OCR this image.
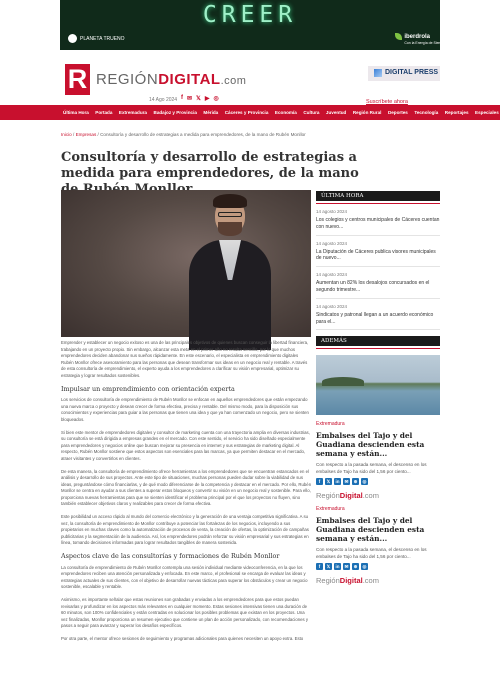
CREER
PLANETA TRUENO	iberdrola
Con la Energía de Siempre
R REGIÓNDIGITAL.com
DIGITAL PRESS
14 Ago 2024 f ✉ 𝕏 ▶ ◎	Suscríbete ahora
Última Hora Portada Extremadura Badajoz y Provincia Mérida Cáceres y Provincia Economía Cultura Juventud Región Rural Deportes Tecnología Reportajes Especiales
Inicio / Empresas / Consultoría y desarrollo de estrategias a medida para emprendedores, de la mano de Rubén Monllor
Consultoría y desarrollo de estrategias a medida para emprendedores, de la mano

Emprender y establecer un negocio exitoso es una de las principales objetivos de quienes buscan conseguir la libertad financiera, trabajando en un proyecto propio. Sin embargo, alcanzar esta meta en el primer año no resulta sencillo, por lo que muchos emprendedores deciden abandonar sus sueños rápidamente. En este escenario, el especialista en emprendimiento digitales Rubén Monllor ofrece asesoramiento para las personas que desean transformar sus ideas en un negocio real y rentable. A través de esta consultoría de emprendimiento, el experto ayuda a los emprendedores a clarificar su visión empresarial, optimizar su estrategia y lograr resultados sostenibles.

Impulsar un emprendimiento con orientación experta

Los servicios de consultoría de emprendimiento de Rubén Monllor se enfocan en aquellos emprendedores que están empezando una nueva marca o proyecto y desean crecer de forma efectiva, precisa y rentable. Del mismo modo, para la disposición sus conocimientos y experiencias para guiar a las personas que tienen una idea y que ya han comenzado un negocio, pero se sienten bloqueados.

Si bien este mentor de emprendedores digitales y consultor de marketing cuenta con una trayectoria amplia en diversas industrias, su consultoría se está dirigida a empresas grandes en el mercado. Con este sentido, el servicio ha sido diseñado especialmente para emprendedores y negocios online que buscan mejorar su presencia en internet y sus estrategias de marketing digital. Al respecto, Rubén Monllor sostiene que estos aspectos son esenciales para las marcas, ya que permiten destacar en el mercado, atraer visitantes y convertirlos en clientes.

De esta manera, la consultoría de emprendimiento ofrece herramientas a los emprendedores que se encuentran estancados en el análisis y desarrollo de sus proyectos. Ante este tipo de situaciones, muchas personas pueden dudar sobre la viabilidad de sus ideas, preguntándose cómo financiarlas, y de qué modo diferenciarse de la competencia y destacar en el mercado. Por ello, Rubén Monllor se centra en ayudar a sus clientes a superar estos bloqueos y convertir su visión en un negocio real y sostenible. Para ello, proporciona nuevas herramientas para que se sienten identificar el problema principal por el que los proyectos no fluyen, sino también establecer objetivos claros y realizables para crecer de forma efectiva.

Este posibilidad un acceso rápido al mundo del comercio electrónico y la generación de una ventaja competitiva significativa. A su vez, la consultoría de emprendimiento de Monllor contribuye a potenciar las fortalezas de los negocios, incluyendo a sus propietarios en muchas claves como la automatización de procesos de venta, la creación de ofertas, la optimización de campañas publicitarias y la segmentación de la audiencia. Así, los emprendedores podrán reforzar su visión empresarial y sus estrategias en línea, tomando decisiones informadas para lograr resultados tangibles de manera sostenida.

Aspectos clave de las consultorías y formaciones de Rubén Monllor

La consultoría de emprendimiento de Rubén Monllor contempla una sesión individual mediante videoconferencia, en la que los emprendedores reciben una atención personalizada y enfocada. En este marco, el profesional se encarga de evaluar las ideas y estrategias actuales de sus clientes, con el objetivo de desarrollar nuevas tácticas para superar los obstáculos y crear un negocio sostenible, escalable y rentable.

Asimismo, es importante señalar que estas reuniones son grabadas y enviadas a los emprendedores para que estos puedan revisarlas y profundizar en los aspectos más relevantes en cualquier momento. Estas sesiones intensivas tienen una duración de 60 minutos, son 100% confidenciales y están centradas en solucionar los posibles problemas que existan en los proyectos. Una vez finalizadas, Monllor proporciona un resumen ejecutivo que contiene un plan de acción personalizado, con recomendaciones y pasos a seguir para avanzar y superar los desafíos específicos.

Por otra parte, el mentor ofrece sesiones de seguimiento y programas adicionales para quienes necesiten un apoyo extra. Esto

ÚLTIMA HORA
14 agosto 2024
Los colegios y centros municipales de Cáceres cuentan con nuevo...
14 agosto 2024
La Diputación de Cáceres publica visores municipales de nuevo...
14 agosto 2024
Aumentan un 82% los desalojos concursados en el segundo trimestre...
14 agosto 2024
Sindicatos y patronal llegan a un acuerdo económico para el...
ADEMÁS
Extremadura
Embalses del Tajo y del Guadiana descienden esta semana y están...
Con respecto a la pasada semana, el descenso en los embalses de Tajo ha sido del 1,56 por ciento...
f	𝕏	in	✉	⊕	◎
RegiónDigital.com
Extremadura
Embalses del Tajo y del Guadiana descienden esta semana y están...
Con respecto a la pasada semana, el descenso en los embalses de Tajo ha sido del 1,56 por ciento...
f	𝕏	in	✉	⊕	◎
RegiónDigital.com
